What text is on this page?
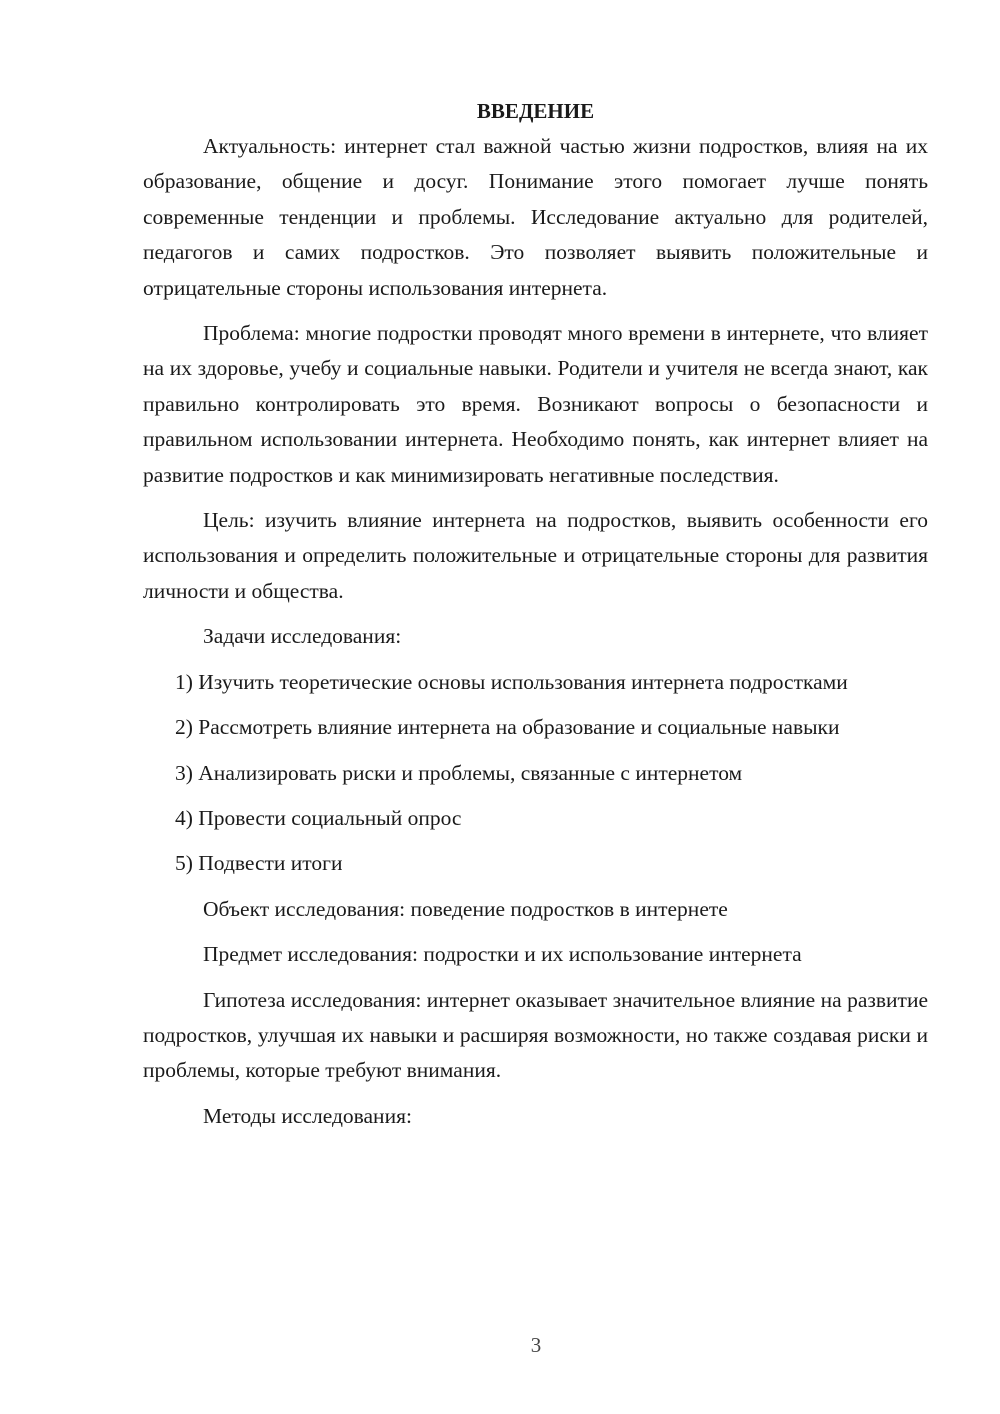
ВВЕДЕНИЕ

Актуальность: интернет стал важной частью жизни подростков, влияя на их образование, общение и досуг. Понимание этого помогает лучше понять современные тенденции и проблемы. Исследование актуально для родителей, педагогов и самих подростков. Это позволяет выявить положительные и отрицательные стороны использования интернета.

Проблема: многие подростки проводят много времени в интернете, что влияет на их здоровье, учебу и социальные навыки. Родители и учителя не всегда знают, как правильно контролировать это время. Возникают вопросы о безопасности и правильном использовании интернета. Необходимо понять, как интернет влияет на развитие подростков и как минимизировать негативные последствия.

Цель: изучить влияние интернета на подростков, выявить особенности его использования и определить положительные и отрицательные стороны для развития личности и общества.

Задачи исследования:

1) Изучить теоретические основы использования интернета подростками

2) Рассмотреть влияние интернета на образование и социальные навыки

3) Анализировать риски и проблемы, связанные с интернетом

4) Провести социальный опрос

5) Подвести итоги

Объект исследования: поведение подростков в интернете

Предмет исследования: подростки и их использование интернета

Гипотеза исследования: интернет оказывает значительное влияние на развитие подростков, улучшая их навыки и расширяя возможности, но также создавая риски и проблемы, которые требуют внимания.

Методы исследования:

3
